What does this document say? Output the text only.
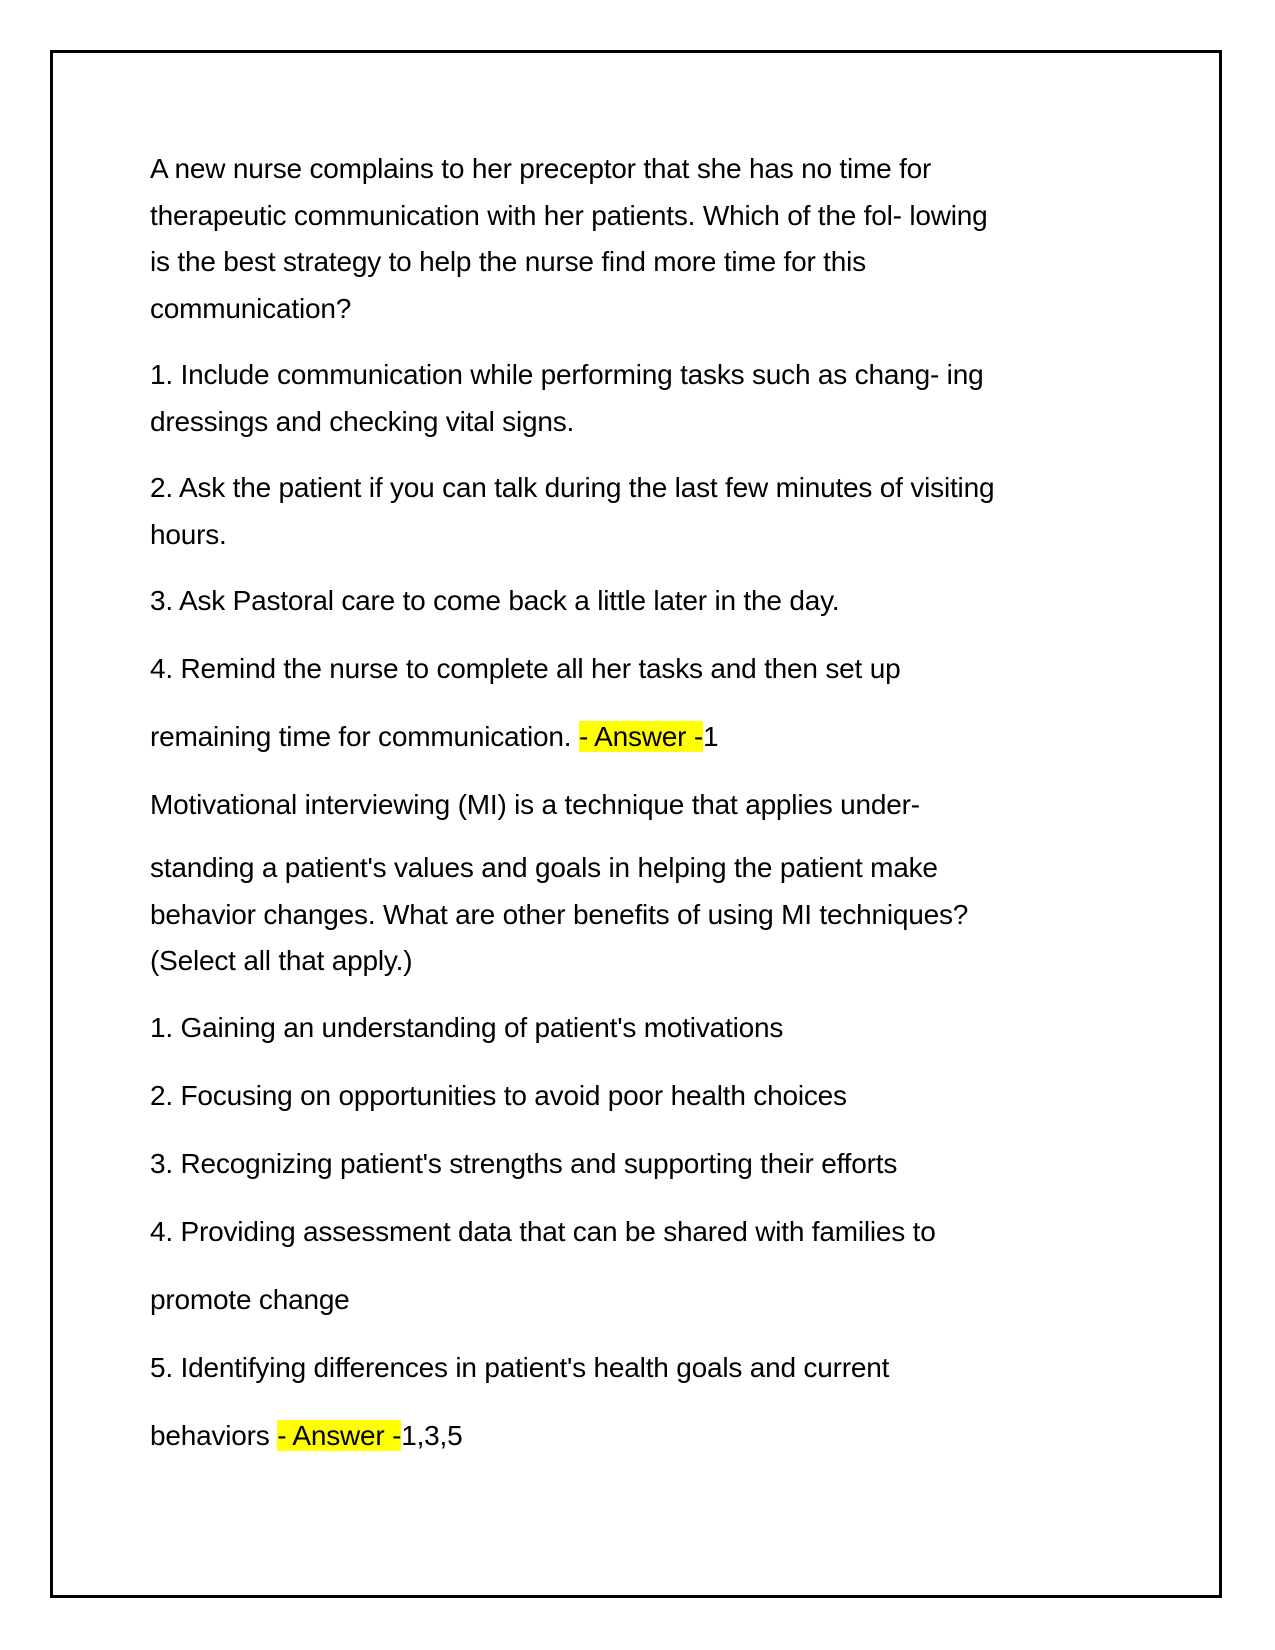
A new nurse complains to her preceptor that she has no time for

therapeutic communication with her patients. Which of the fol- lowing

is the best strategy to help the nurse find more time for this

communication?

1. Include communication while performing tasks such as chang- ing

dressings and checking vital signs.

2. Ask the patient if you can talk during the last few minutes of visiting

hours.

3. Ask Pastoral care to come back a little later in the day.

4. Remind the nurse to complete all her tasks and then set up

remaining time for communication. - Answer -1

Motivational interviewing (MI) is a technique that applies under-

standing a patient's values and goals in helping the patient make

behavior changes. What are other benefits of using MI techniques?

(Select all that apply.)

1. Gaining an understanding of patient's motivations

2. Focusing on opportunities to avoid poor health choices

3. Recognizing patient's strengths and supporting their efforts

4. Providing assessment data that can be shared with families to

promote change

5. Identifying differences in patient's health goals and current

behaviors - Answer -1,3,5
